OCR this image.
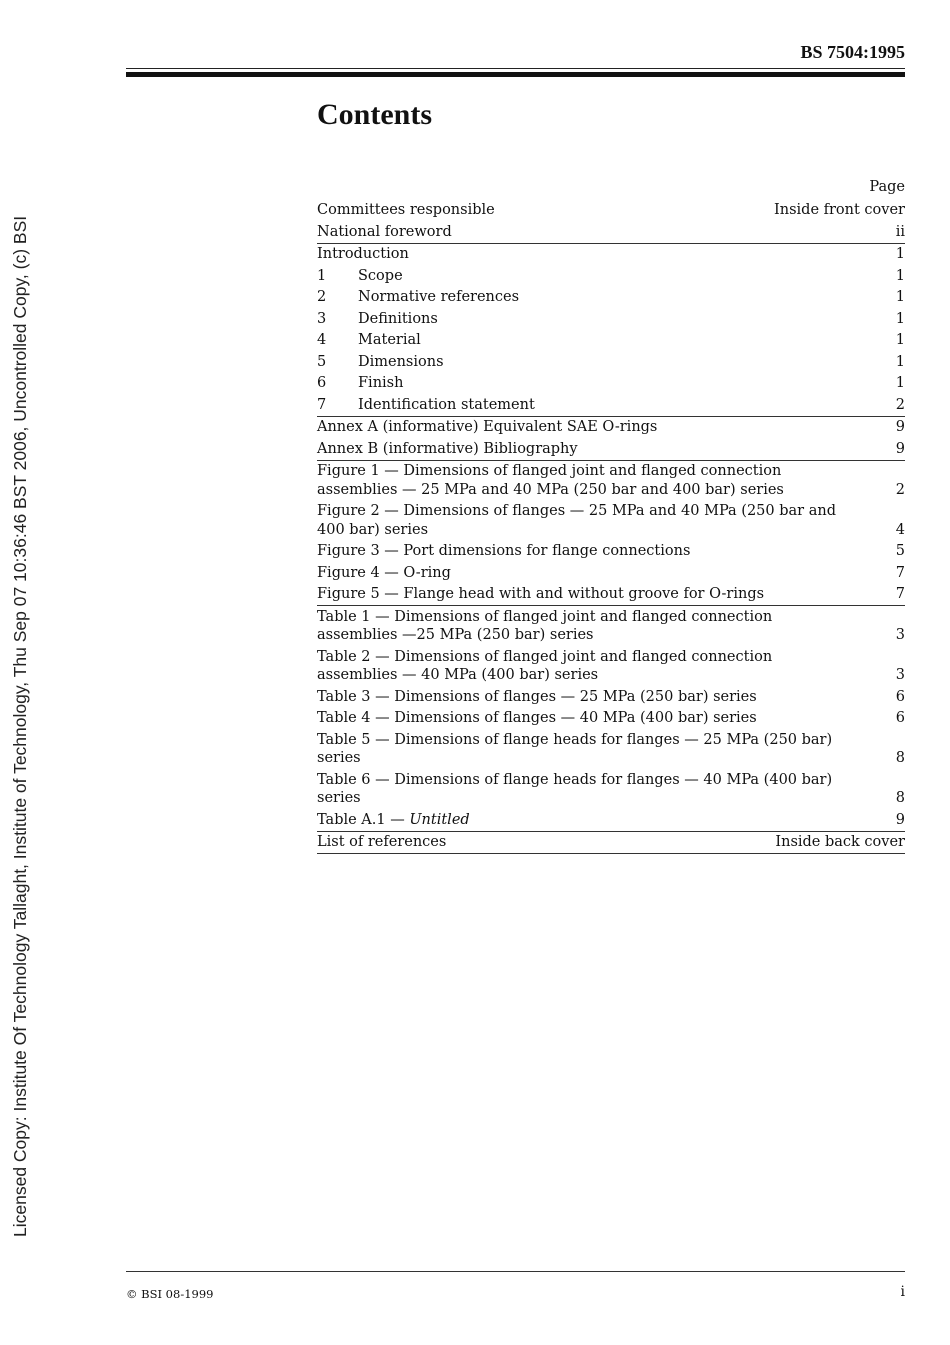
BS 7504:1995
Contents
Page
Committees responsible	Inside front cover
National foreword	ii
Introduction	1
1	Scope	1
2	Normative references	1
3	Definitions	1
4	Material	1
5	Dimensions	1
6	Finish	1
7	Identification statement	2
Annex A (informative) Equivalent SAE O-rings	9
Annex B (informative) Bibliography	9
Figure 1 — Dimensions of flanged joint and flanged connection assemblies — 25 MPa and 40 MPa (250 bar and 400 bar) series	2
Figure 2 — Dimensions of flanges — 25 MPa and 40 MPa (250 bar and 400 bar) series	4
Figure 3 — Port dimensions for flange connections	5
Figure 4 — O-ring	7
Figure 5 — Flange head with and without groove for O-rings	7
Table 1 — Dimensions of flanged joint and flanged connection assemblies —25 MPa (250 bar) series	3
Table 2 — Dimensions of flanged joint and flanged connection assemblies — 40 MPa (400 bar) series	3
Table 3 — Dimensions of flanges — 25 MPa (250 bar) series	6
Table 4 — Dimensions of flanges — 40 MPa (400 bar) series	6
Table 5 — Dimensions of flange heads for flanges — 25 MPa (250 bar) series	8
Table 6 — Dimensions of flange heads for flanges — 40 MPa (400 bar) series	8
Table A.1 — Untitled	9
List of references	Inside back cover
Licensed Copy: Institute Of Technology Tallaght, Institute of Technology, Thu Sep 07 10:36:46 BST 2006, Uncontrolled Copy, (c) BSI
© BSI 08-1999	i
